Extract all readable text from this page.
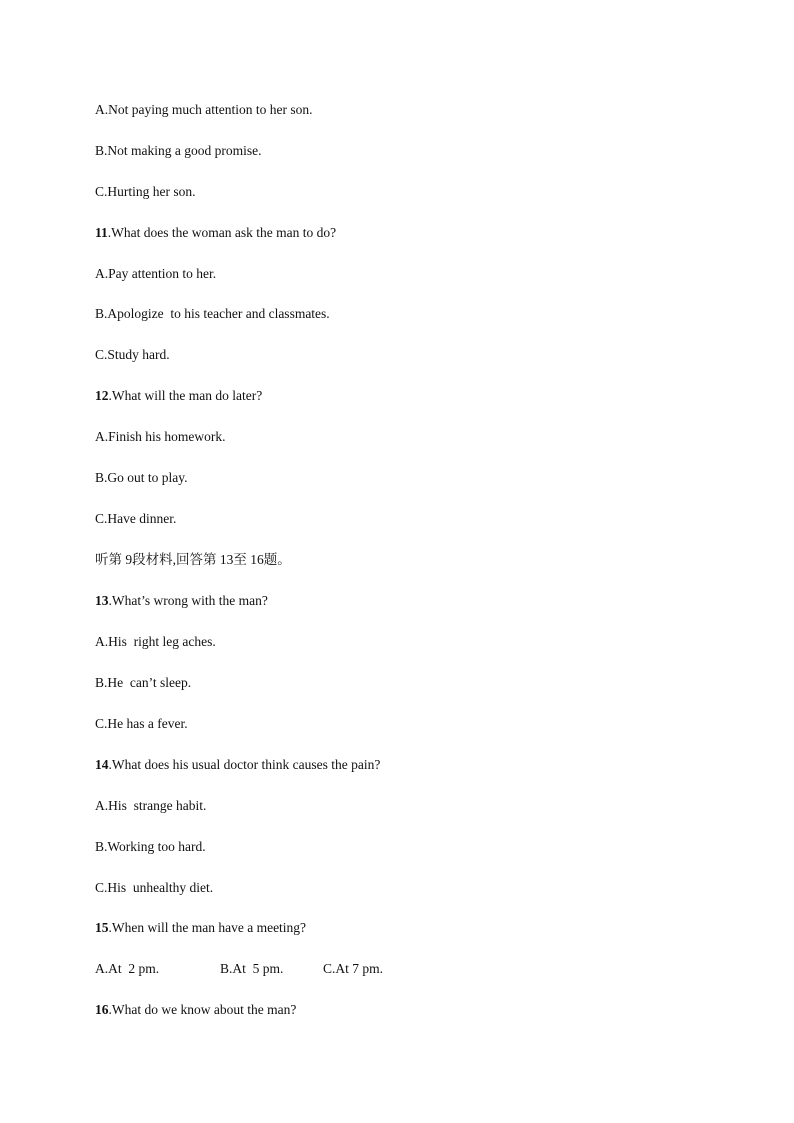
A.Not paying much attention to her son.
B.Not making a good promise.
C.Hurting her son.
11.What does the woman ask the man to do?
A.Pay attention to her.
B.Apologize  to his teacher and classmates.
C.Study hard.
12.What will the man do later?
A.Finish his homework.
B.Go out to play.
C.Have dinner.
听第 9段材料,回答第 13至 16题。
13.What’s wrong with the man?
A.His  right leg aches.
B.He  can’t sleep.
C.He has a fever.
14.What does his usual doctor think causes the pain?
A.His  strange habit.
B.Working too hard.
C.His  unhealthy diet.
15.When will the man have a meeting?
A.At  2 pm.	B.At  5 pm.	C.At 7 pm.
16.What do we know about the man?
